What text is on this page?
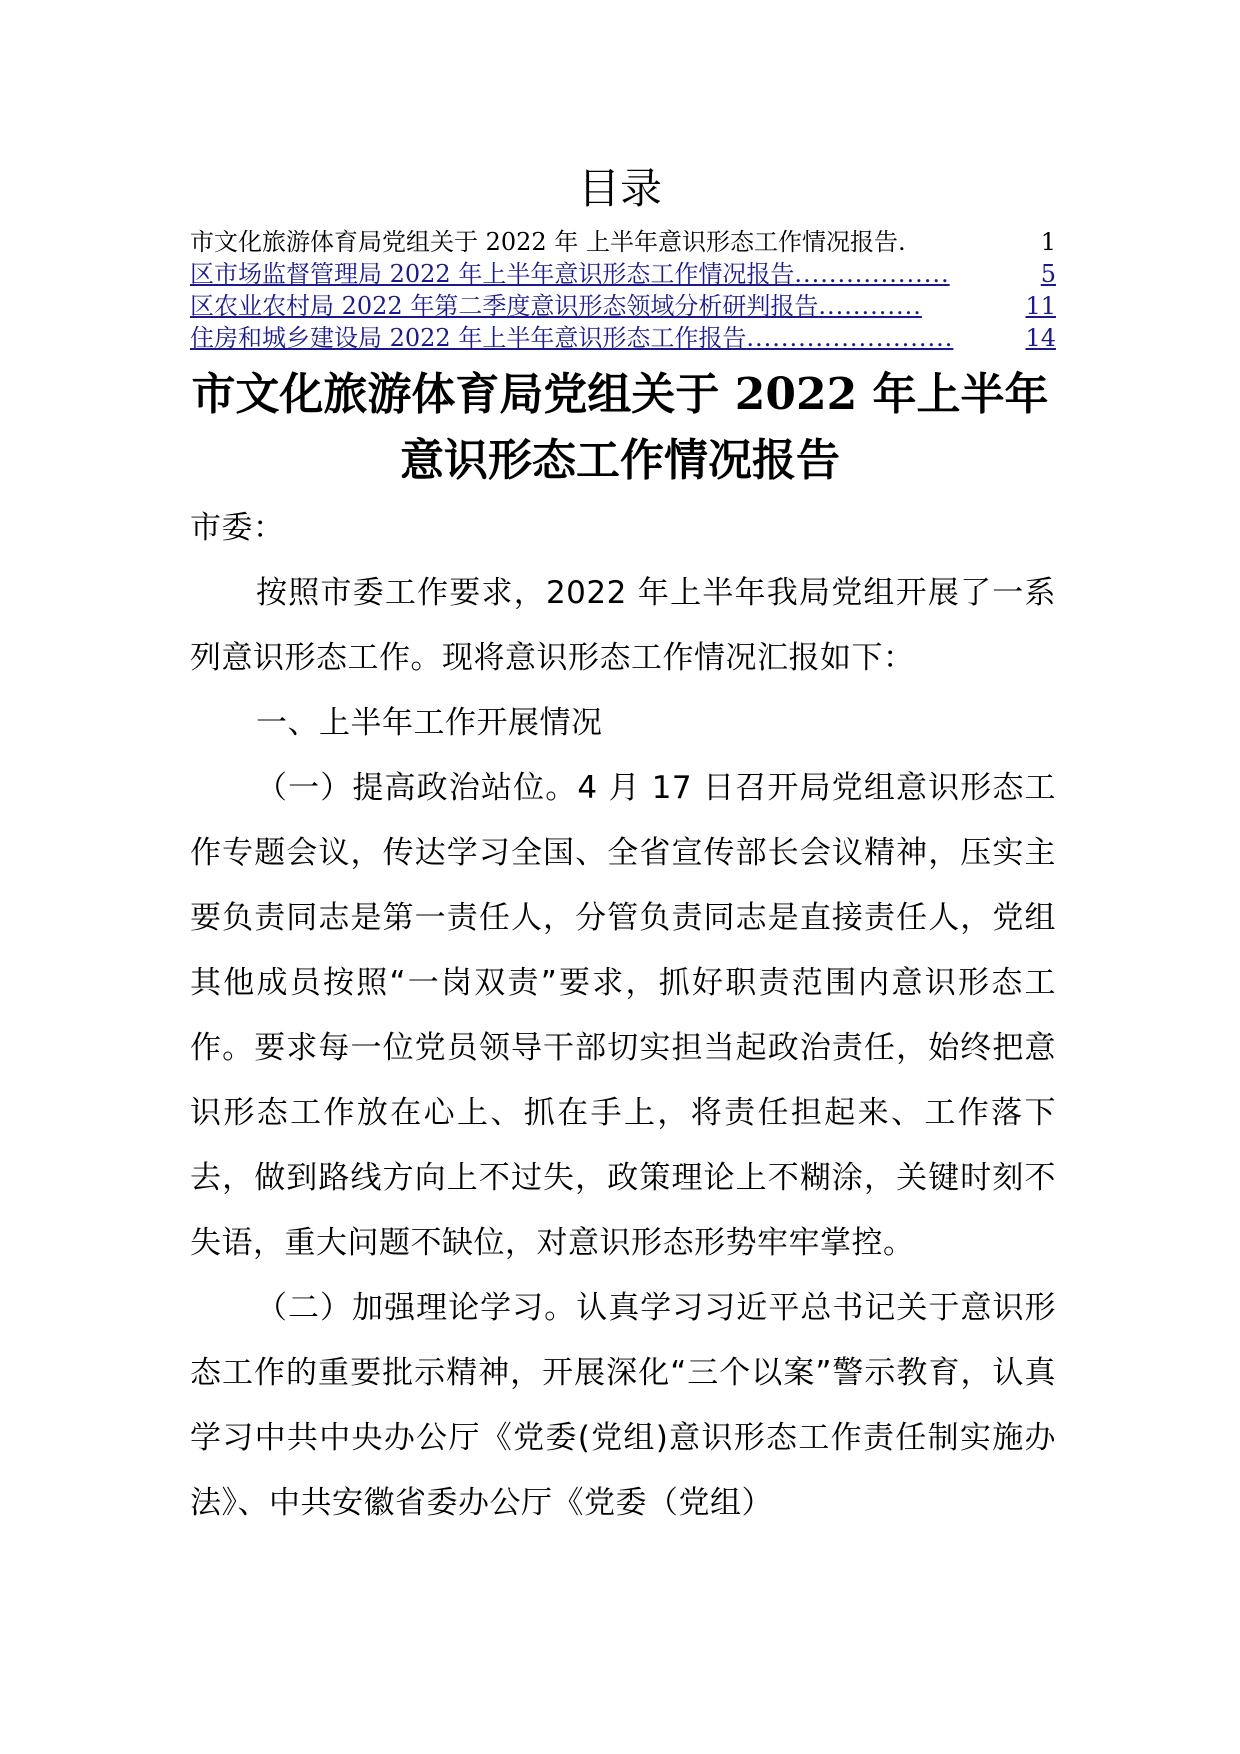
目录
市文化旅游体育局党组关于 2022 年 上半年意识形态工作情况报告 .	1
区市场监督管理局 2022 年上半年意识形态工作情况报告 ..................	5
区农业农村局 2022 年第二季度意识形态领域分析研判报告 ............	11
住房和城乡建设局 2022 年上半年意识形态工作报告 ........................	14
市文化旅游体育局党组关于 2022 年上半年
意识形态工作情况报告

市委：

按照市委工作要求，2022 年上半年我局党组开展了一系列意识形态工作。现将意识形态工作情况汇报如下：

一、上半年工作开展情况

（一）提高政治站位。4 月 17 日召开局党组意识形态工作专题会议，传达学习全国、全省宣传部长会议精神，压实主要负责同志是第一责任人，分管负责同志是直接责任人，党组其他成员按照“一岗双责”要求，抓好职责范围内意识形态工作。要求每一位党员领导干部切实担当起政治责任，始终把意识形态工作放在心上、抓在手上，将责任担起来、工作落下去，做到路线方向上不过失，政策理论上不糊涂，关键时刻不失语，重大问题不缺位，对意识形态形势牢牢掌控。

（二）加强理论学习。认真学习习近平总书记关于意识形态工作的重要批示精神，开展深化“三个以案”警示教育，认真学习中共中央办公厅《党委(党组)意识形态工作责任制实施办法》、中共安徽省委办公厅《党委（党组）
